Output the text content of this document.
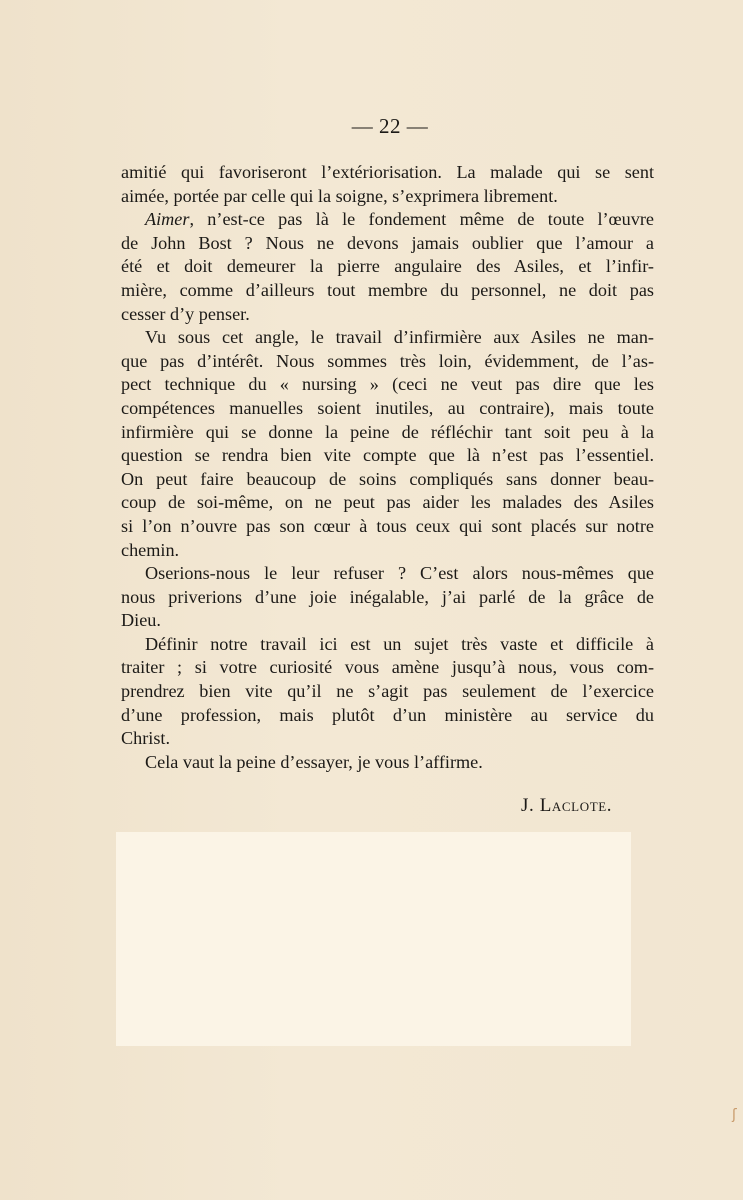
— 22 —
amitié qui favoriseront l’extériorisation. La malade qui se sent
aimée, portée par celle qui la soigne, s’exprimera librement.
Aimer, n’est-ce pas là le fondement même de toute l’œuvre
de John Bost ? Nous ne devons jamais oublier que l’amour a
été et doit demeurer la pierre angulaire des Asiles, et l’infir-
mière, comme d’ailleurs tout membre du personnel, ne doit pas
cesser d’y penser.
Vu sous cet angle, le travail d’infirmière aux Asiles ne man-
que pas d’intérêt. Nous sommes très loin, évidemment, de l’as-
pect technique du « nursing » (ceci ne veut pas dire que les
compétences manuelles soient inutiles, au contraire), mais toute
infirmière qui se donne la peine de réfléchir tant soit peu à la
question se rendra bien vite compte que là n’est pas l’essentiel.
On peut faire beaucoup de soins compliqués sans donner beau-
coup de soi-même, on ne peut pas aider les malades des Asiles
si l’on n’ouvre pas son cœur à tous ceux qui sont placés sur notre
chemin.
Oserions-nous le leur refuser ? C’est alors nous-mêmes que
nous priverions d’une joie inégalable, j’ai parlé de la grâce de
Dieu.
Définir notre travail ici est un sujet très vaste et difficile à
traiter ; si votre curiosité vous amène jusqu’à nous, vous com-
prendrez bien vite qu’il ne s’agit pas seulement de l’exercice
d’une profession, mais plutôt d’un ministère au service du
Christ.
Cela vaut la peine d’essayer, je vous l’affirme.
J. Laclote.
ʃ
